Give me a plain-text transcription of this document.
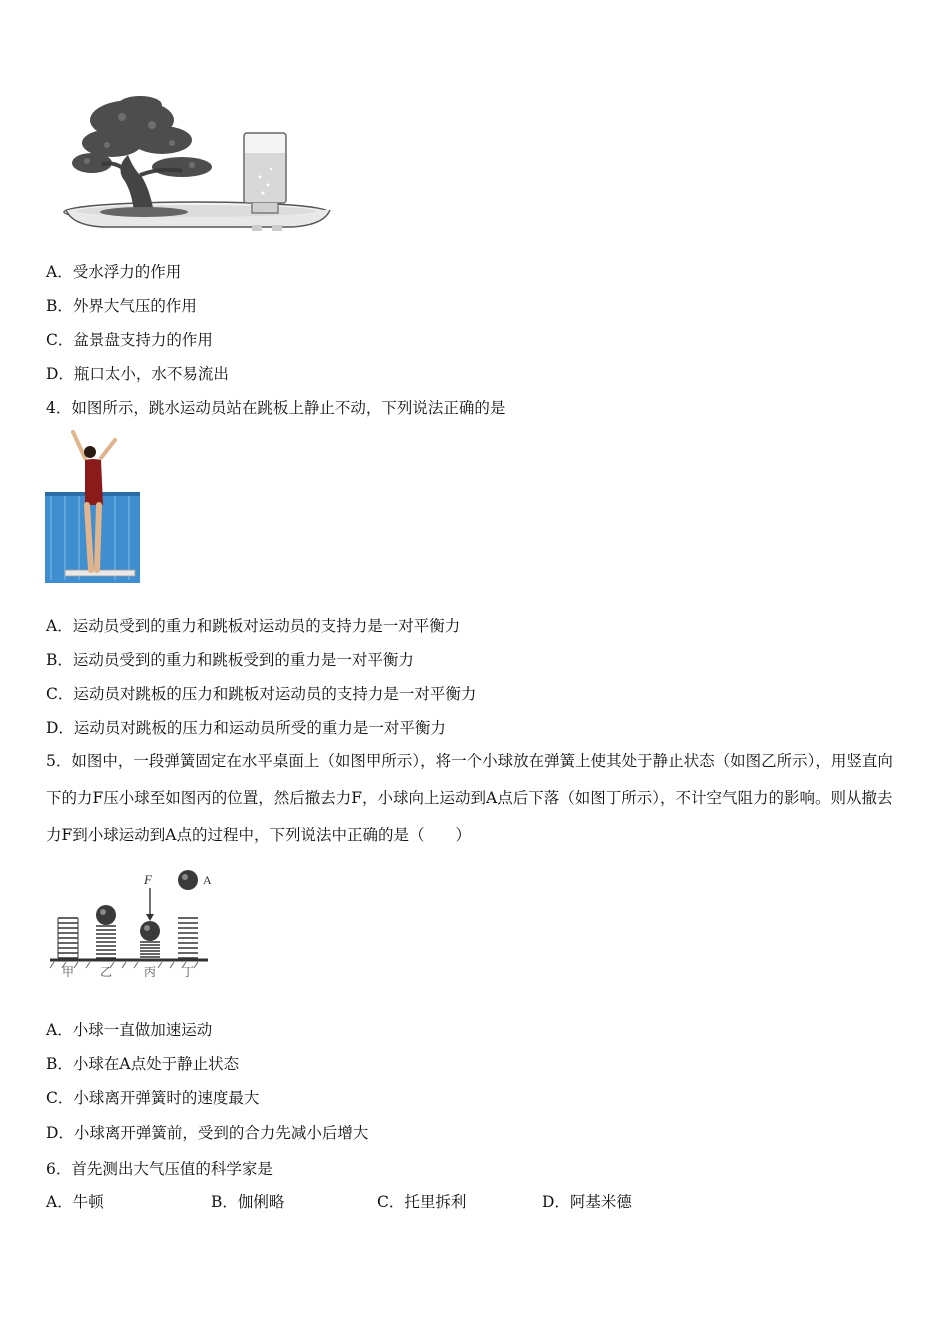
A．受水浮力的作用
B．外界大气压的作用
C．盆景盘支持力的作用
D．瓶口太小，水不易流出
4．如图所示，跳水运动员站在跳板上静止不动，下列说法正确的是
A．运动员受到的重力和跳板对运动员的支持力是一对平衡力
B．运动员受到的重力和跳板受到的重力是一对平衡力
C．运动员对跳板的压力和跳板对运动员的支持力是一对平衡力
D．运动员对跳板的压力和运动员所受的重力是一对平衡力
5．如图中，一段弹簧固定在水平桌面上（如图甲所示），将一个小球放在弹簧上使其处于静止状态（如图乙所示），用竖直向下的力F压小球至如图丙的位置，然后撤去力F，小球向上运动到A点后下落（如图丁所示），不计空气阻力的影响。则从撤去力F到小球运动到A点的过程中，下列说法中正确的是（　　）
F	A
甲 乙	丙 丁
A．小球一直做加速运动
B．小球在A点处于静止状态
C．小球离开弹簧时的速度最大
D．小球离开弹簧前，受到的合力先减小后增大
6．首先测出大气压值的科学家是
A．牛顿	B．伽俐略	C．托里拆利	D．阿基米德
